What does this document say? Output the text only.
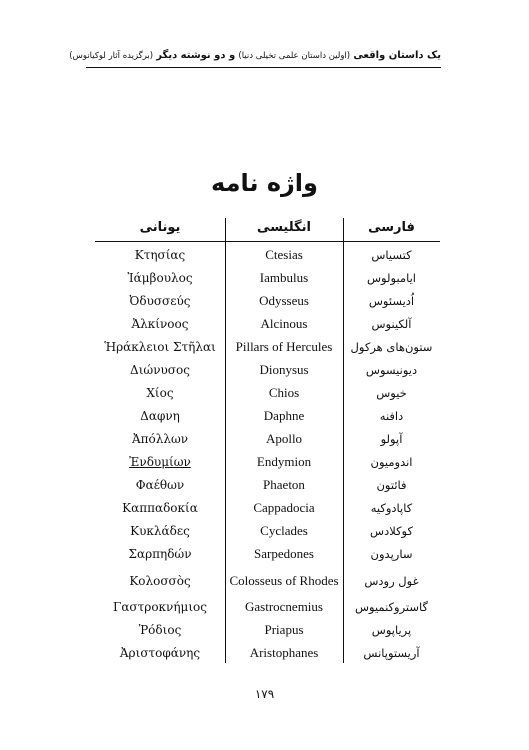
یک داستان واقعی (اولین داستان علمی تخیلی دنیا) و دو نوشته دیگر (برگزیده آثار لوکیانوس)
واژه نامه
فارسی
انگلیسی
یونانی
کتسیاس
Ctesias
Κτησίας
ایامبولوس
Iambulus
Ἰάμβουλος
اُدیسئوس
Odysseus
Ὀδυσσεύς
آلکینوس
Alcinous
Ἀλκίνοος
ستون‌های هرکول
Pillars of Hercules
Ἡράκλειοι Στῆλαι
دیونیسوس
Dionysus
Διώνυσος
خیوس
Chios
Χίος
دافنه
Daphne
Δαφνη
آپولو
Apollo
Ἀπόλλων
اندومیون
Endymion
Ἐνδυμίων
فائتون
Phaeton
Φαέθων
کاپادوکیه
Cappadocia
Καππαδοκία
کوکلادس
Cyclades
Κυκλάδες
سارپدون
Sarpedones
Σαρπηδών
غول رودس
Colosseus of Rhodes
Κολοσσὸς
گاستروکنمیوس
Gastrocnemius
Γαστροκνήμιος
پریاپوس
Priapus
Ῥόδιος
آریستوپانس
Aristophanes
Ἀριστοφάνης
۱۷۹
